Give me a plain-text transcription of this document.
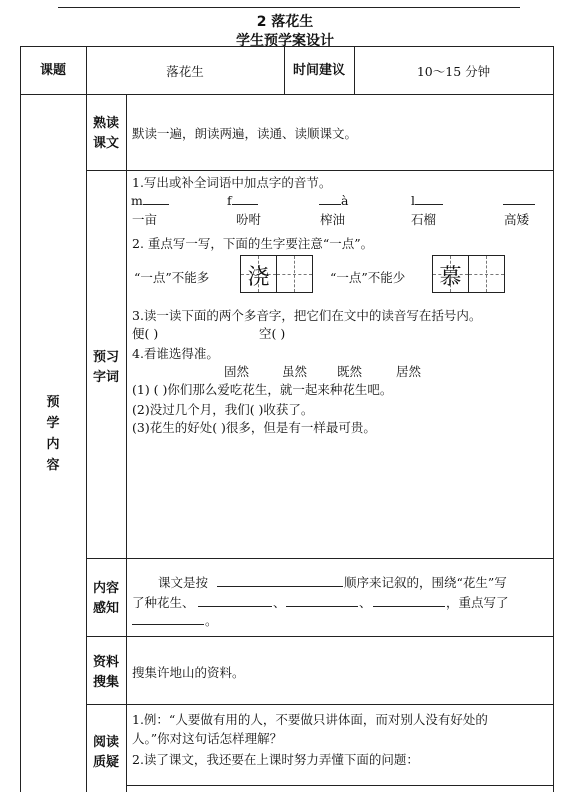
2 落花生
学生预学案设计
课题	落花生	时间建议	10～15 分钟
预
学
内
容
熟读
课文
默读一遍，朗读两遍，读通、读顺课文。
预习
字词
1.写出或补全词语中加点字的音节。
m	f	à	l
一亩	吩咐	榨油	石榴	高矮
2. 重点写一写，下面的生字要注意“一点”。
“一点”不能多 浇	“一点”不能少 慕
3.读一读下面的两个多音字，把它们在文中的读音写在括号内。
便( )	空( )
4.看谁选得准。
固然	虽然 既然	居然
(1) ( )你们那么爱吃花生，就一起来种花生吧。
(2)没过几个月，我们( )收获了。
(3)花生的好处( )很多，但是有一样最可贵。
内容
感知
课文是按	顺序来记叙的，围绕“花生”写
了种花生、	、	、	，重点写了
。
资料
搜集
搜集许地山的资料。
阅读
质疑
1.例：“人要做有用的人，不要做只讲体面，而对别人没有好处的
人。”你对这句话怎样理解？
2.读了课文，我还要在上课时努力弄懂下面的问题：
